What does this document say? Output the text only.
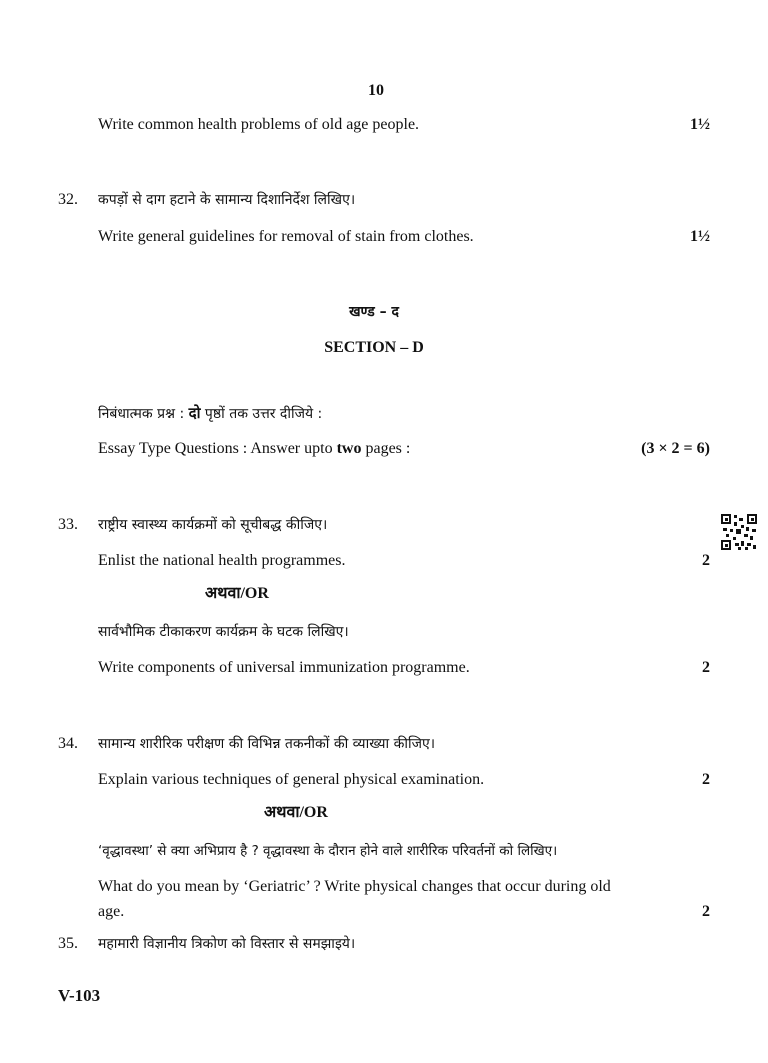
10
Write common health problems of old age people.	1½
32. कपड़ों से दाग हटाने के सामान्य दिशानिर्देश लिखिए।
Write general guidelines for removal of stain from clothes.	1½
खण्ड – द
SECTION – D
निबंधात्मक प्रश्न : दो पृष्ठों तक उत्तर दीजिये :
Essay Type Questions : Answer upto two pages :	(3 × 2 = 6)
33. राष्ट्रीय स्वास्थ्य कार्यक्रमों को सूचीबद्ध कीजिए।
Enlist the national health programmes.	2
अथवा/OR
सार्वभौमिक टीकाकरण कार्यक्रम के घटक लिखिए।
Write components of universal immunization programme.	2
34. सामान्य शारीरिक परीक्षण की विभिन्न तकनीकों की व्याख्या कीजिए।
Explain various techniques of general physical examination.	2
अथवा/OR
‘वृद्धावस्था’ से क्या अभिप्राय है ? वृद्धावस्था के दौरान होने वाले शारीरिक परिवर्तनों को लिखिए।
What do you mean by ‘Geriatric’ ? Write physical changes that occur during old
age.	2
35. महामारी विज्ञानीय त्रिकोण को विस्तार से समझाइये।
V-103
